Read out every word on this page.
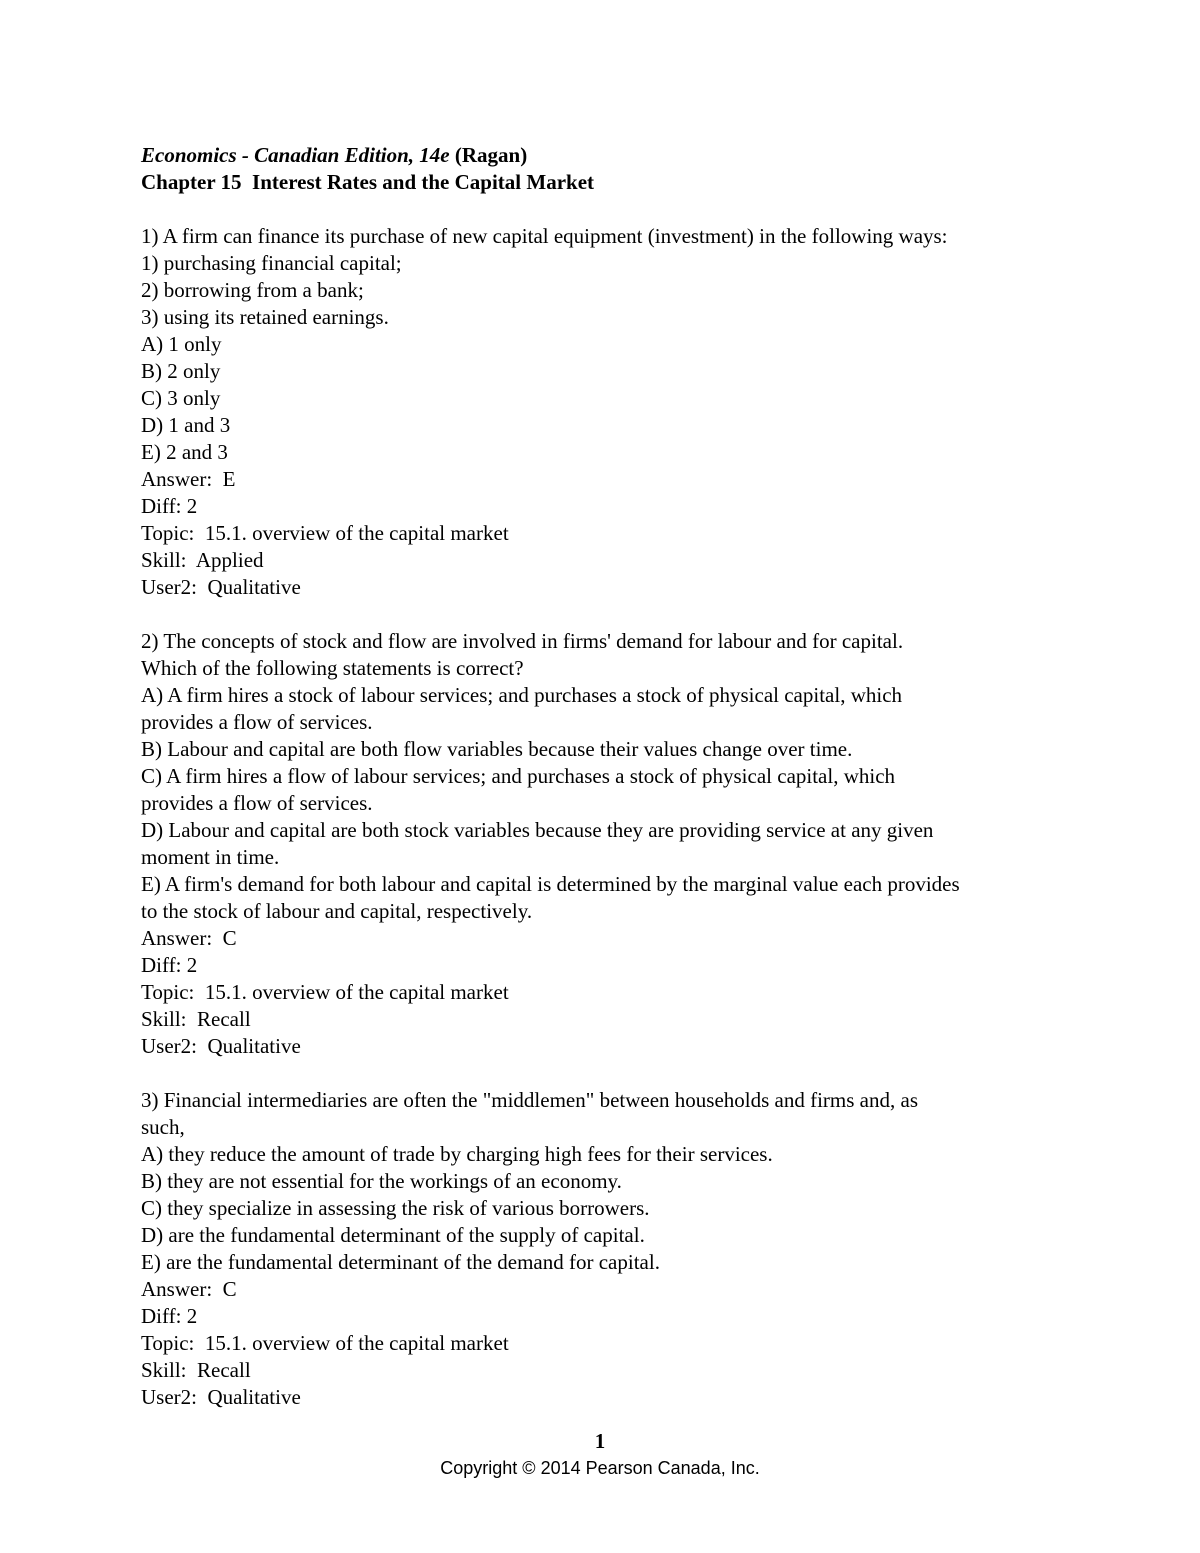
Economics - Canadian Edition, 14e (Ragan)
Chapter 15  Interest Rates and the Capital Market
1) A firm can finance its purchase of new capital equipment (investment) in the following ways:
1) purchasing financial capital;
2) borrowing from a bank;
3) using its retained earnings.
A) 1 only
B) 2 only
C) 3 only
D) 1 and 3
E) 2 and 3
Answer:  E
Diff: 2
Topic:  15.1. overview of the capital market
Skill:  Applied
User2:  Qualitative
2) The concepts of stock and flow are involved in firms' demand for labour and for capital.
Which of the following statements is correct?
A) A firm hires a stock of labour services; and purchases a stock of physical capital, which
provides a flow of services.
B) Labour and capital are both flow variables because their values change over time.
C) A firm hires a flow of labour services; and purchases a stock of physical capital, which
provides a flow of services.
D) Labour and capital are both stock variables because they are providing service at any given
moment in time.
E) A firm's demand for both labour and capital is determined by the marginal value each provides
to the stock of labour and capital, respectively.
Answer:  C
Diff: 2
Topic:  15.1. overview of the capital market
Skill:  Recall
User2:  Qualitative
3) Financial intermediaries are often the "middlemen" between households and firms and, as
such,
A) they reduce the amount of trade by charging high fees for their services.
B) they are not essential for the workings of an economy.
C) they specialize in assessing the risk of various borrowers.
D) are the fundamental determinant of the supply of capital.
E) are the fundamental determinant of the demand for capital.
Answer:  C
Diff: 2
Topic:  15.1. overview of the capital market
Skill:  Recall
User2:  Qualitative
1
Copyright © 2014 Pearson Canada, Inc.
